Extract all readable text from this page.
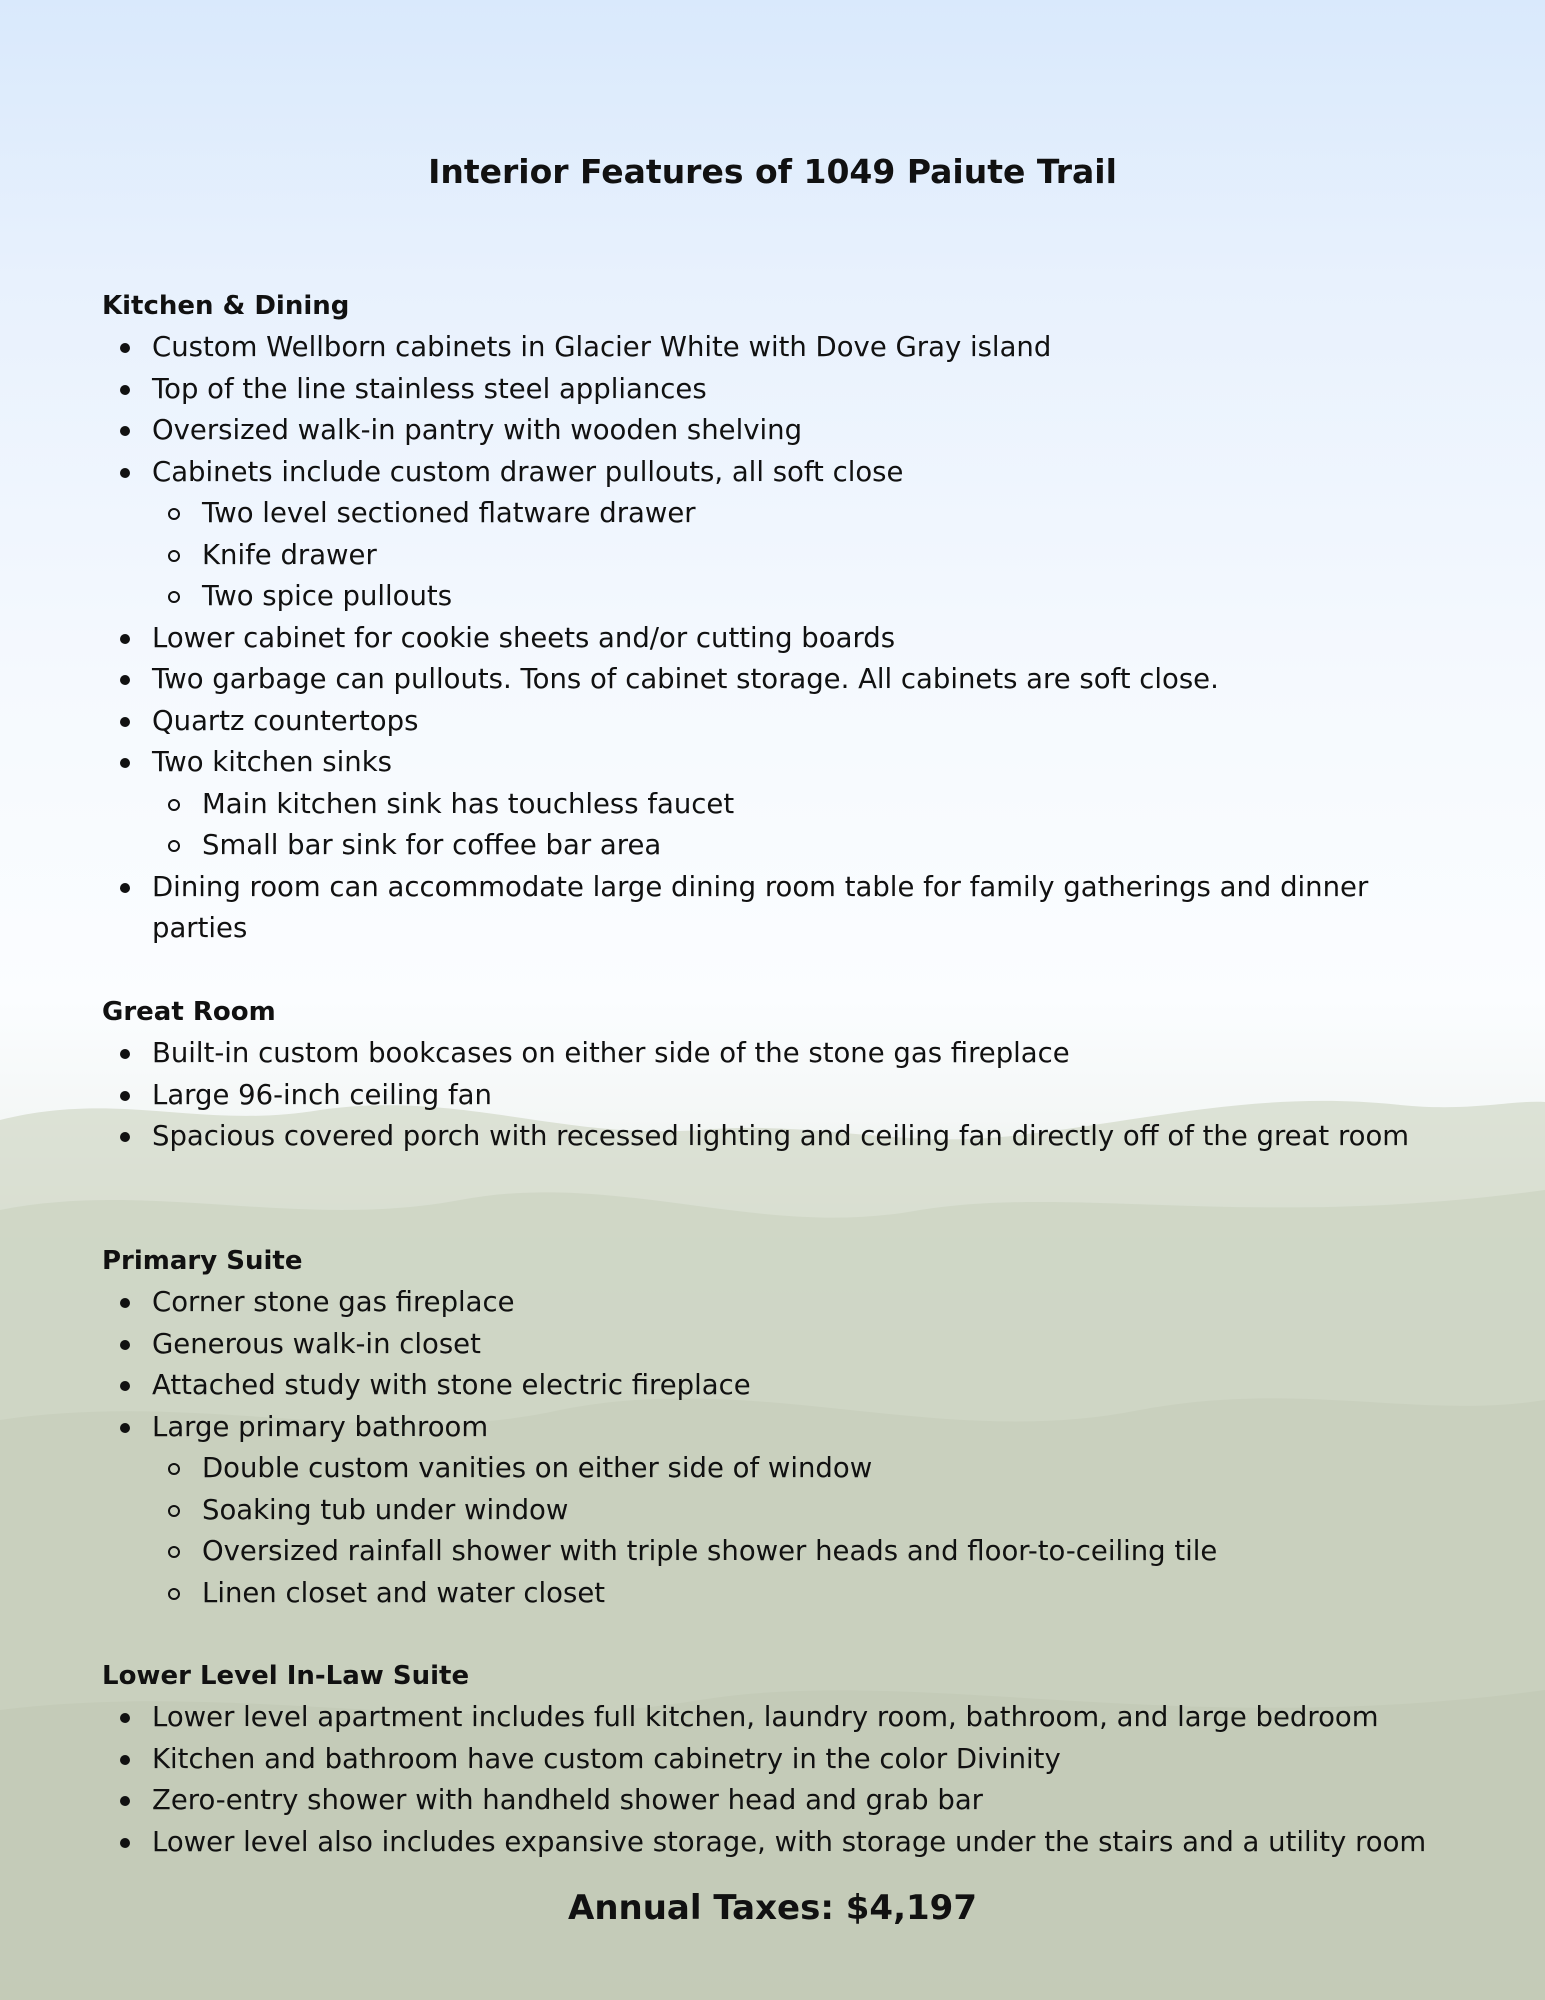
Interior Features of 1049 Paiute Trail
Kitchen & Dining
Custom Wellborn cabinets in Glacier White with Dove Gray island
Top of the line stainless steel appliances
Oversized walk-in pantry with wooden shelving
Cabinets include custom drawer pullouts, all soft close
Two level sectioned flatware drawer
Knife drawer
Two spice pullouts
Lower cabinet for cookie sheets and/or cutting boards
Two garbage can pullouts. Tons of cabinet storage. All cabinets are soft close.
Quartz countertops
Two kitchen sinks
Main kitchen sink has touchless faucet
Small bar sink for coffee bar area
Dining room can accommodate large dining room table for family gatherings and dinner parties
Great Room
Built-in custom bookcases on either side of the stone gas fireplace
Large 96-inch ceiling fan
Spacious covered porch with recessed lighting and ceiling fan directly off of the great room
Primary Suite
Corner stone gas fireplace
Generous walk-in closet
Attached study with stone electric fireplace
Large primary bathroom
Double custom vanities on either side of window
Soaking tub under window
Oversized rainfall shower with triple shower heads and floor-to-ceiling tile
Linen closet and water closet
Lower Level In-Law Suite
Lower level apartment includes full kitchen, laundry room, bathroom, and large bedroom
Kitchen and bathroom have custom cabinetry in the color Divinity
Zero-entry shower with handheld shower head and grab bar
Lower level also includes expansive storage, with storage under the stairs and a utility room

Annual Taxes: $4,197
